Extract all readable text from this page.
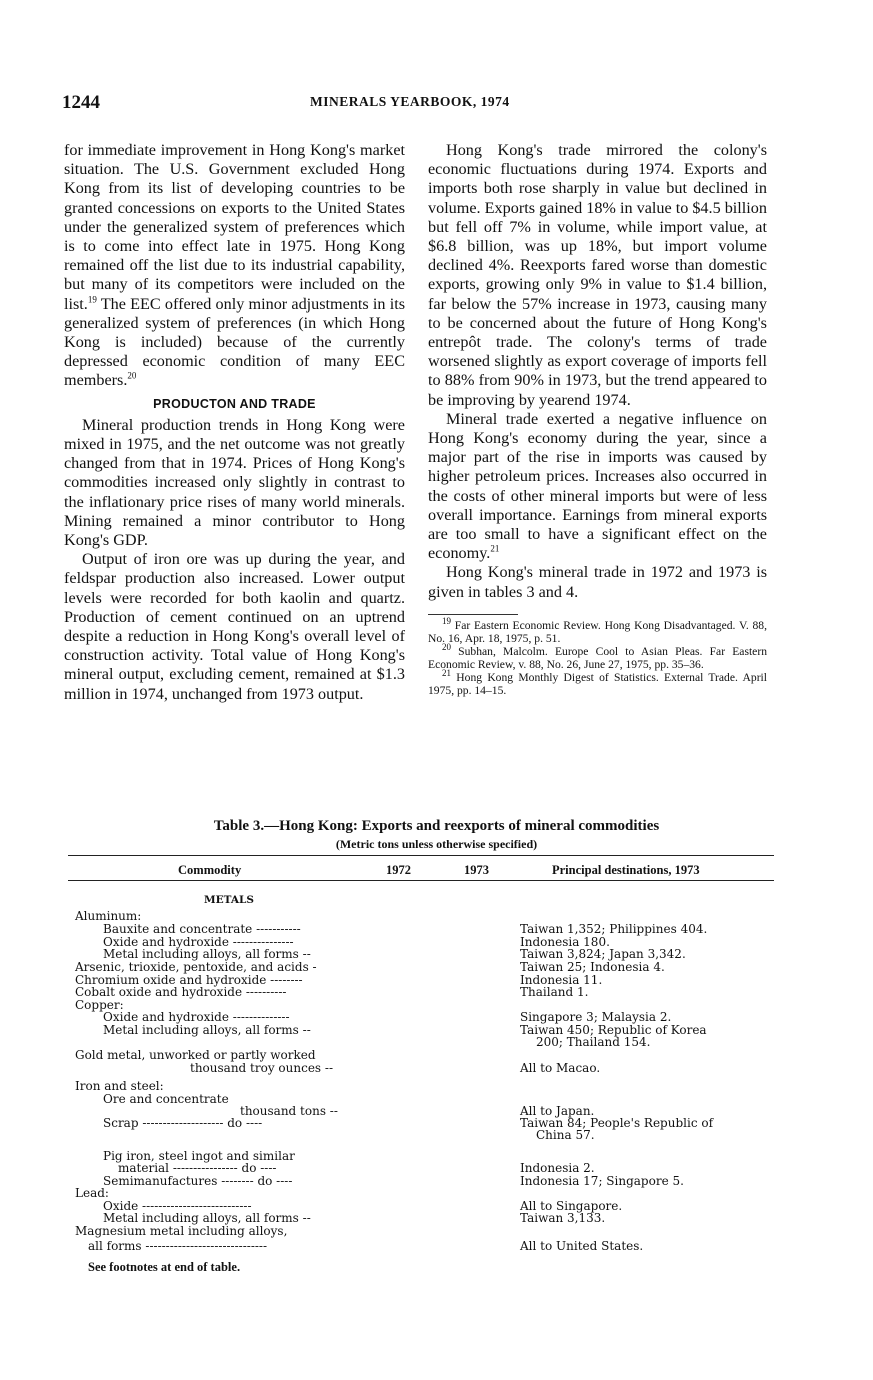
1244	MINERALS YEARBOOK, 1974

for immediate improvement in Hong Kong's market situation. The U.S. Government excluded Hong Kong from its list of developing countries to be granted concessions on exports to the United States under the generalized system of preferences which is to come into effect late in 1975. Hong Kong remained off the list due to its industrial capability, but many of its competitors were included on the list.$^{19}$ The EEC offered only minor adjustments in its generalized system of preferences (in which Hong Kong is included) because of the currently depressed economic condition of many EEC members.$^{20}$

PRODUCTON AND TRADE

Mineral production trends in Hong Kong were mixed in 1975, and the net outcome was not greatly changed from that in 1974. Prices of Hong Kong's commodities increased only slightly in contrast to the inflationary price rises of many world minerals. Mining remained a minor contributor to Hong Kong's GDP.

Output of iron ore was up during the year, and feldspar production also increased. Lower output levels were recorded for both kaolin and quartz. Production of cement continued on an uptrend despite a reduction in Hong Kong's overall level of construction activity. Total value of Hong Kong's mineral output, excluding cement, remained at $1.3 million in 1974, unchanged from 1973 output.

Hong Kong's trade mirrored the colony's economic fluctuations during 1974. Exports and imports both rose sharply in value but declined in volume. Exports gained 18% in value to $4.5 billion but fell off 7% in volume, while import value, at $6.8 billion, was up 18%, but import volume declined 4%. Reexports fared worse than domestic exports, growing only 9% in value to $1.4 billion, far below the 57% increase in 1973, causing many to be concerned about the future of Hong Kong's entrepôt trade. The colony's terms of trade worsened slightly as export coverage of imports fell to 88% from 90% in 1973, but the trend appeared to be improving by yearend 1974.

Mineral trade exerted a negative influence on Hong Kong's economy during the year, since a major part of the rise in imports was caused by higher petroleum prices. Increases also occurred in the costs of other mineral imports but were of less overall importance. Earnings from mineral exports are too small to have a significant effect on the economy.$^{21}$

Hong Kong's mineral trade in 1972 and 1973 is given in tables 3 and 4.

$^{19}$ Far Eastern Economic Review. Hong Kong Disadvantaged. V. 88, No. 16, Apr. 18, 1975, p. 51.

$^{20}$ Subhan, Malcolm. Europe Cool to Asian Pleas. Far Eastern Economic Review, v. 88, No. 26, June 27, 1975, pp. 35–36.

$^{21}$ Hong Kong Monthly Digest of Statistics. External Trade. April 1975, pp. 14–15.

Table 3.—Hong Kong: Exports and reexports of mineral commodities
(Metric tons unless otherwise specified)
Commodity	1972	1973	Principal destinations, 1973
METALS
Aluminum:
Bauxite and concentrate -----------	Taiwan 1,352; Philippines 404.
Oxide and hydroxide ---------------	Indonesia 180.
Metal including alloys, all forms --	Taiwan 3,824; Japan 3,342.
Arsenic, trioxide, pentoxide, and acids -	Taiwan 25; Indonesia 4.
Chromium oxide and hydroxide --------	Indonesia 11.
Cobalt oxide and hydroxide ----------	Thailand 1.
Copper:
Oxide and hydroxide --------------	Singapore 3; Malaysia 2.
Metal including alloys, all forms --	Taiwan 450; Republic of Korea
200; Thailand 154.
Gold metal, unworked or partly worked
thousand troy ounces --	All to Macao.
Iron and steel:
Ore and concentrate
thousand tons --	All to Japan.
Scrap -------------------- do ----	Taiwan 84; People's Republic of
China 57.
Pig iron, steel ingot and similar
material ---------------- do ----	Indonesia 2.
Semimanufactures -------- do ----	Indonesia 17; Singapore 5.
Lead:
Oxide ---------------------------	All to Singapore.
Metal including alloys, all forms --	Taiwan 3,133.
Magnesium metal including alloys,
all forms ------------------------------	All to United States.
See footnotes at end of table.
